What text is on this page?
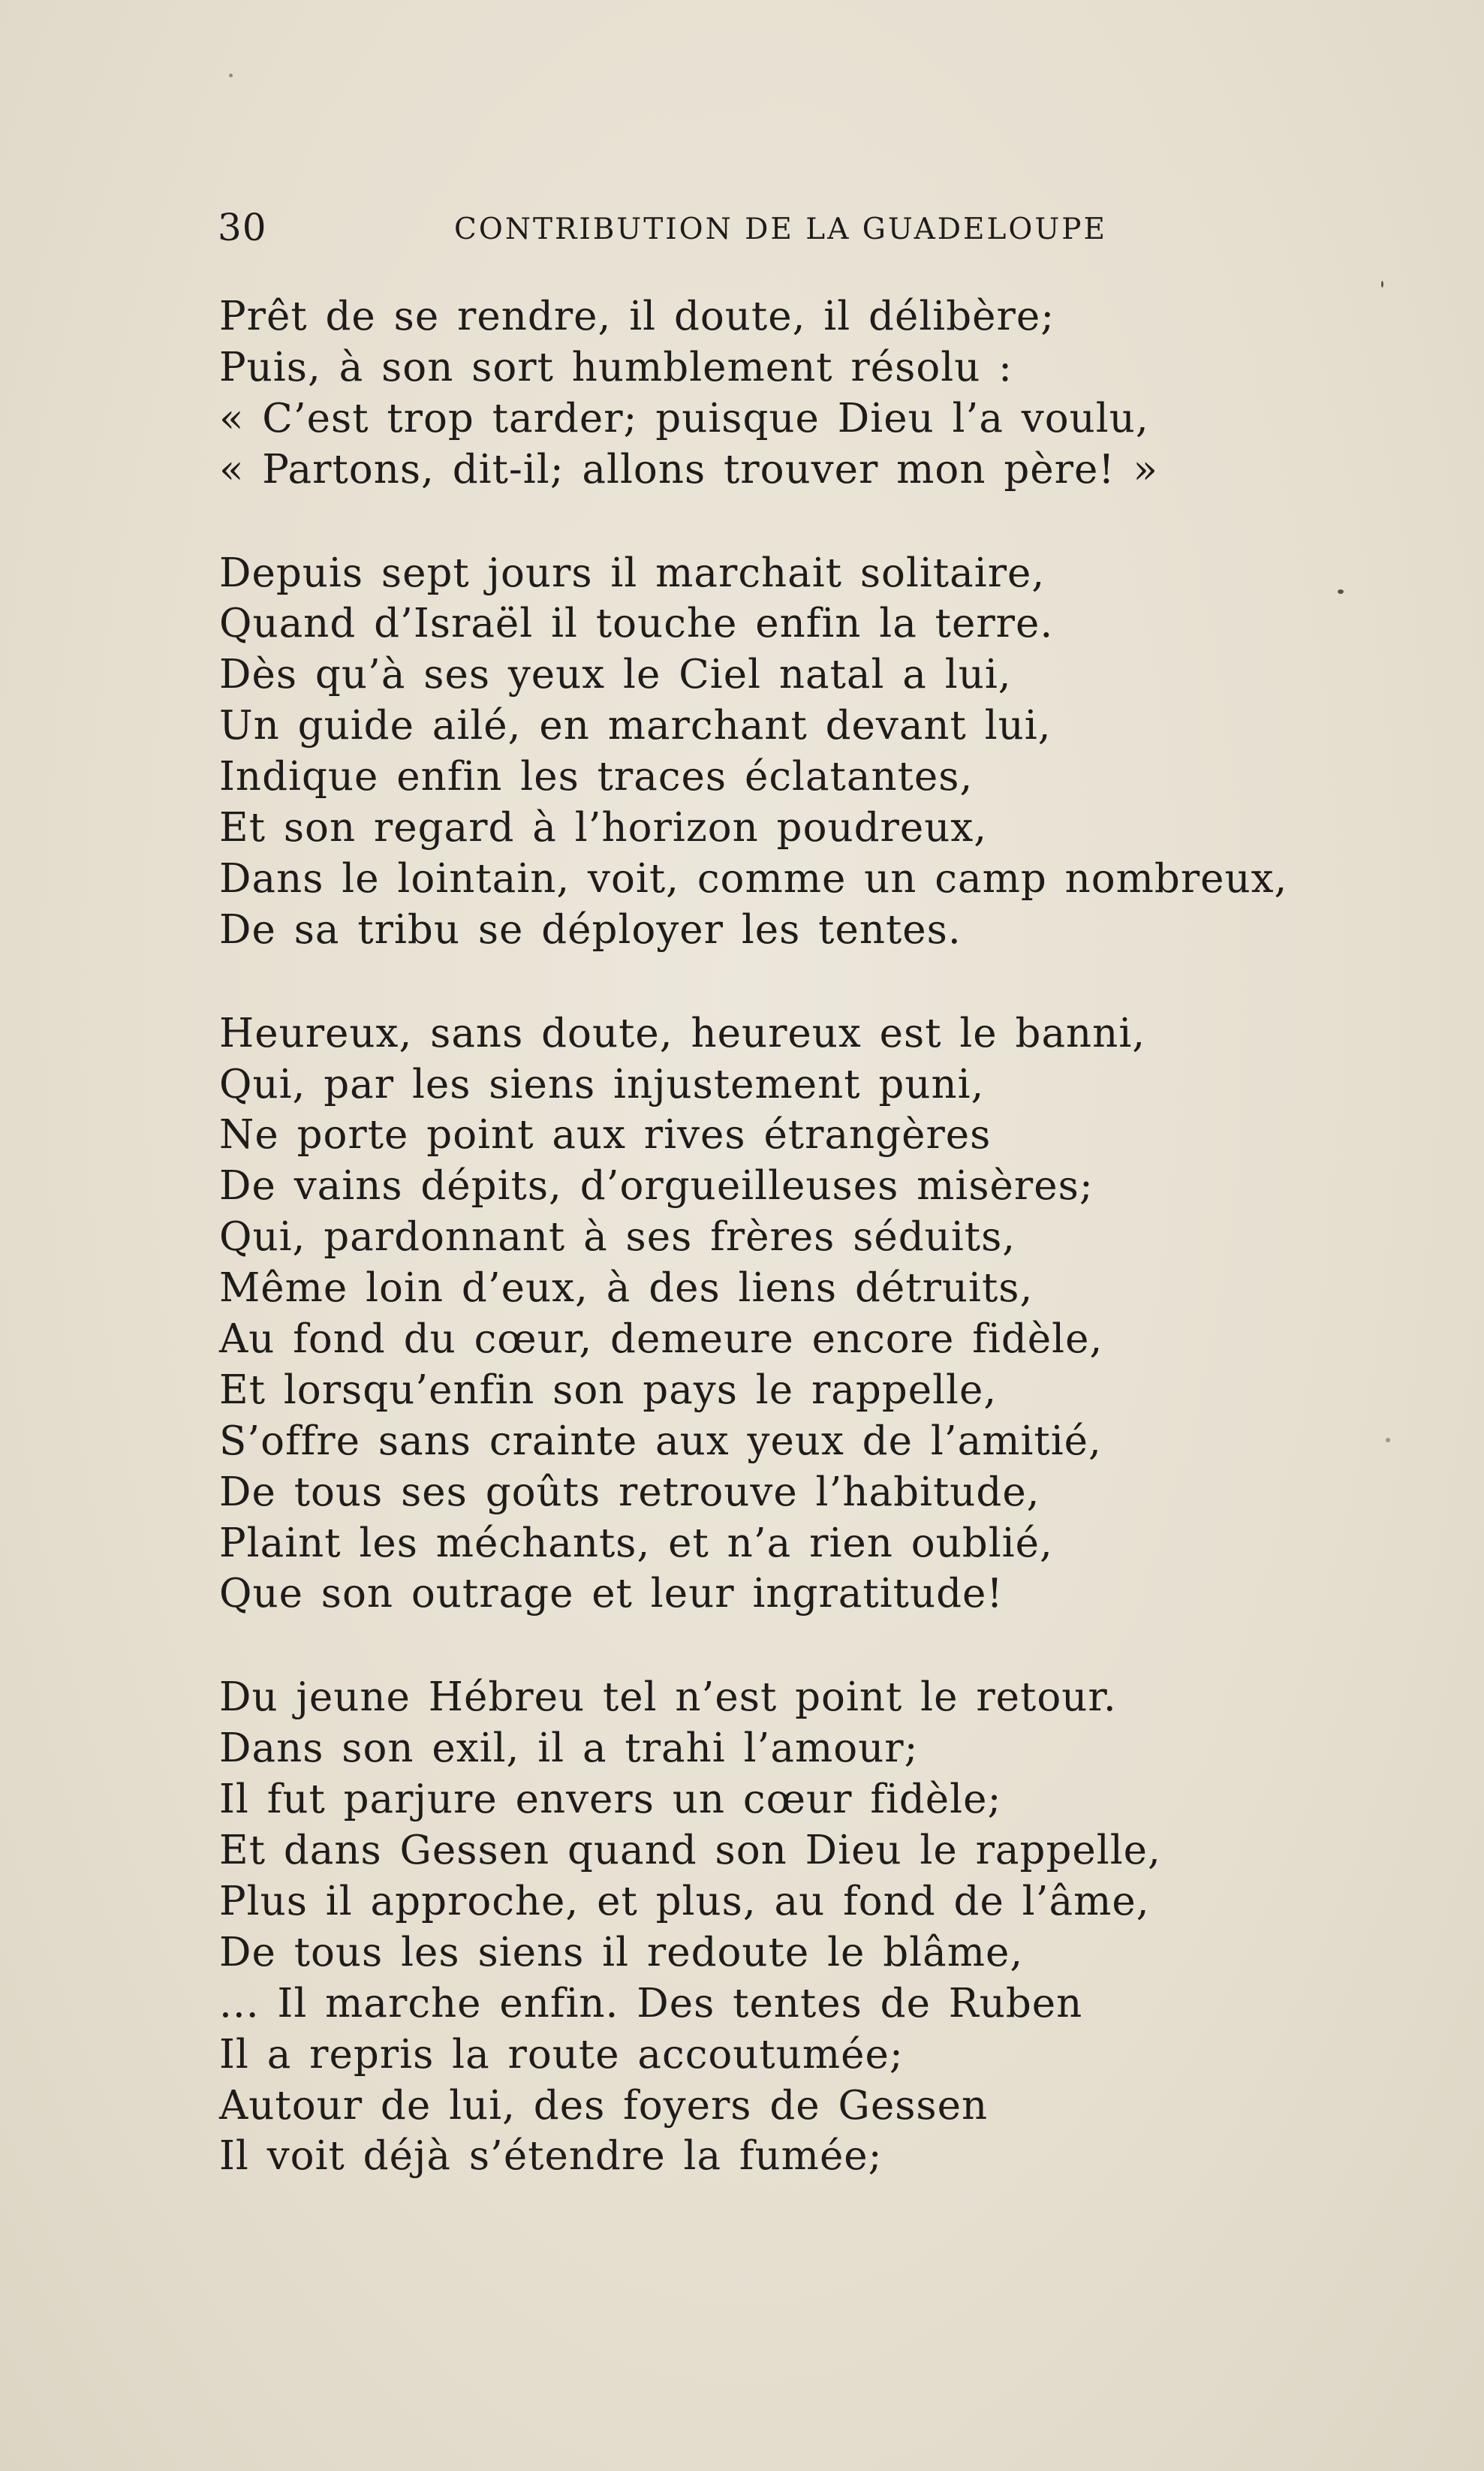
30	CONTRIBUTION DE LA GUADELOUPE
Prêt de se rendre, il doute, il délibère;
Puis, à son sort humblement résolu :
« C’est trop tarder; puisque Dieu l’a voulu,
« Partons, dit-il; allons trouver mon père! »
Depuis sept jours il marchait solitaire,
Quand d’Israël il touche enfin la terre.
Dès qu’à ses yeux le Ciel natal a lui,
Un guide ailé, en marchant devant lui,
Indique enfin les traces éclatantes,
Et son regard à l’horizon poudreux,
Dans le lointain, voit, comme un camp nombreux,
De sa tribu se déployer les tentes.
Heureux, sans doute, heureux est le banni,
Qui, par les siens injustement puni,
Ne porte point aux rives étrangères
De vains dépits, d’orgueilleuses misères;
Qui, pardonnant à ses frères séduits,
Même loin d’eux, à des liens détruits,
Au fond du cœur, demeure encore fidèle,
Et lorsqu’enfin son pays le rappelle,
S’offre sans crainte aux yeux de l’amitié,
De tous ses goûts retrouve l’habitude,
Plaint les méchants, et n’a rien oublié,
Que son outrage et leur ingratitude!
Du jeune Hébreu tel n’est point le retour.
Dans son exil, il a trahi l’amour;
Il fut parjure envers un cœur fidèle;
Et dans Gessen quand son Dieu le rappelle,
Plus il approche, et plus, au fond de l’âme,
De tous les siens il redoute le blâme,
... Il marche enfin. Des tentes de Ruben
Il a repris la route accoutumée;
Autour de lui, des foyers de Gessen
Il voit déjà s’étendre la fumée;
